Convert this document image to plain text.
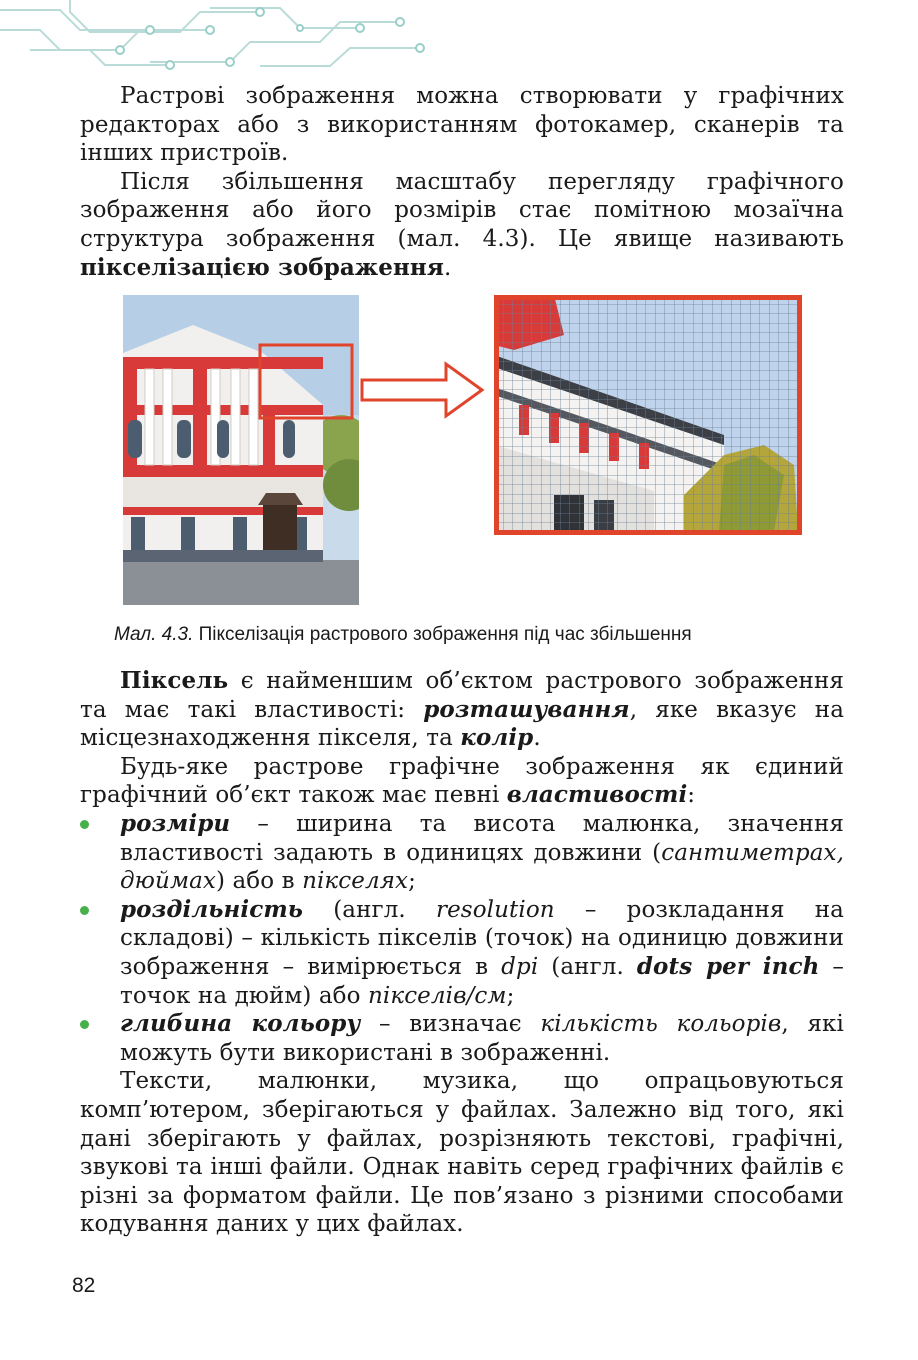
Растрові зображення можна створювати у графічних редакторах або з використанням фотокамер, сканерів та інших пристроїв.

Після збільшення масштабу перегляду графічного зображення або його розмірів стає помітною мозаїчна структура зображення (мал. 4.3). Це явище називають пікселізацією зображення.

Мал. 4.3. Пікселізація растрового зображення під час збільшення

Піксель є найменшим об’єктом растрового зображення та має такі властивості: розташування, яке вказує на місцезнаходження пікселя, та колір.

Будь-яке растрове графічне зображення як єдиний графічний об’єкт також має певні властивості:

розміри – ширина та висота малюнка, значення властивості задають в одиницях довжини (сантиметрах, дюймах) або в пікселях;
роздільність (англ. resolution – розкладання на складові) – кількість пікселів (точок) на одиницю довжини зображення – вимірюється в dpi (англ. dots per inch – точок на дюйм) або пікселів/см;
глибина кольору – визначає кількість кольорів, які можуть бути використані в зображенні.

Тексти, малюнки, музика, що опрацьовуються комп’ютером, зберігаються у файлах. Залежно від того, які дані зберігають у файлах, розрізняють текстові, графічні, звукові та інші файли. Однак навіть серед графічних файлів є різні за форматом файли. Це пов’язано з різними способами кодування даних у цих файлах.

82
